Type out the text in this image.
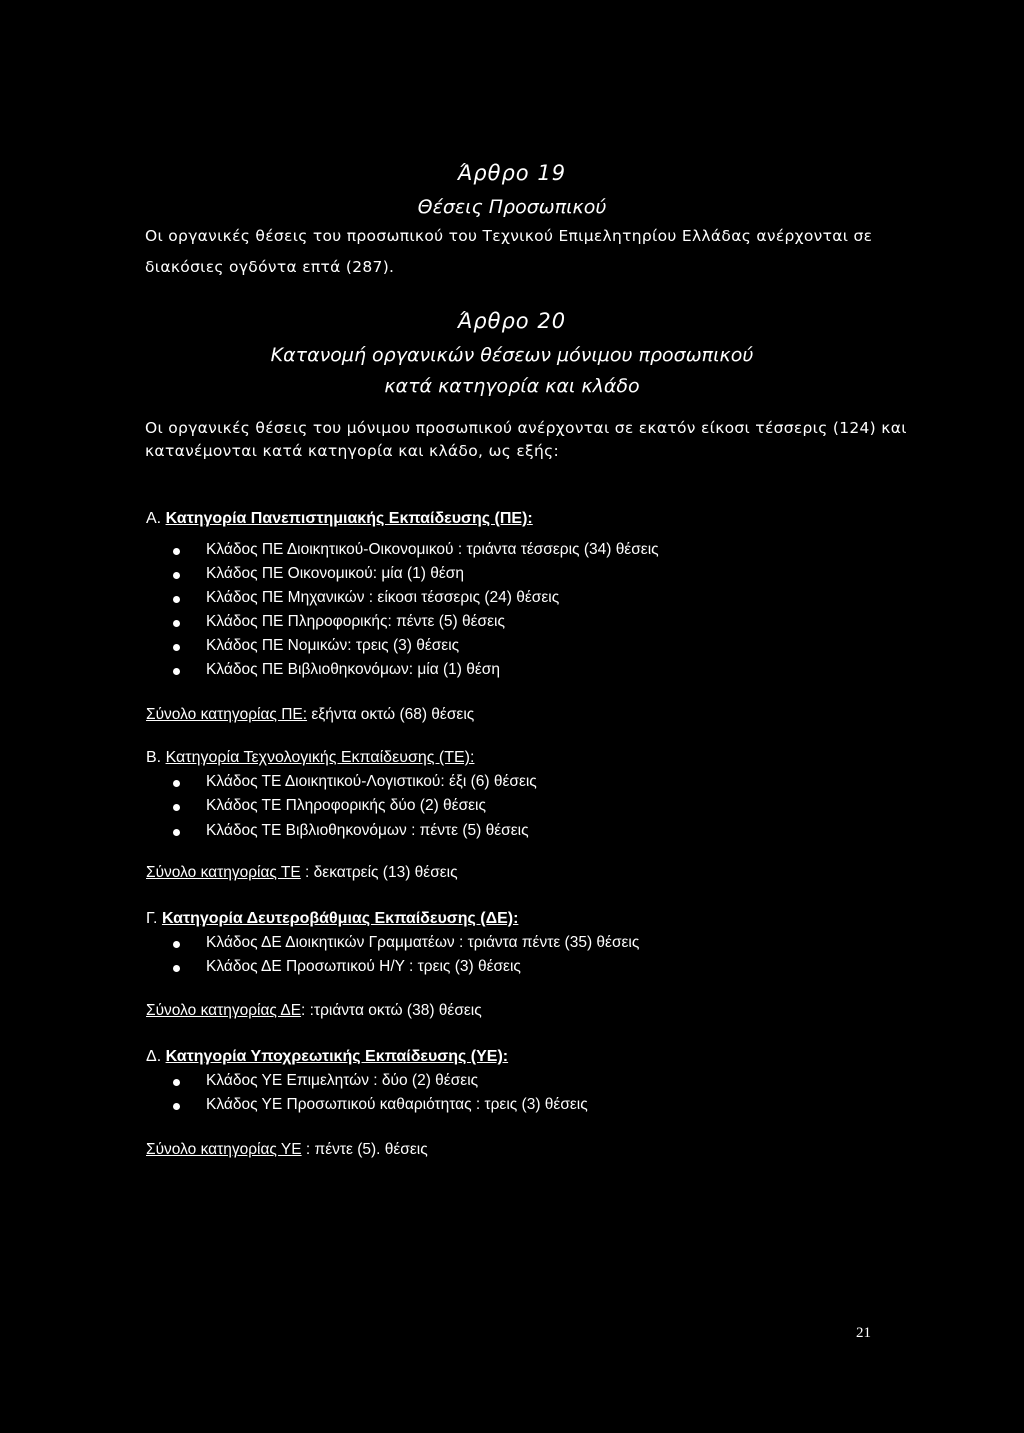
Άρθρο 19
Θέσεις Προσωπικού
Οι οργανικές θέσεις του προσωπικού του Τεχνικού Επιμελητηρίου Ελλάδας ανέρχονται σε
διακόσιες ογδόντα επτά (287).
Άρθρο 20
Κατανομή οργανικών θέσεων μόνιμου προσωπικού
κατά κατηγορία και κλάδο
Οι οργανικές θέσεις του μόνιμου προσωπικού ανέρχονται σε εκατόν είκοσι τέσσερις (124) και
κατανέμονται κατά κατηγορία και κλάδο, ως εξής:
Α. Κατηγορία Πανεπιστημιακής Εκπαίδευσης (ΠΕ):
Κλάδος ΠΕ Διοικητικού-Οικονομικού : τριάντα τέσσερις (34) θέσεις
Κλάδος ΠΕ Οικονομικού: μία (1) θέση
Κλάδος ΠΕ Μηχανικών : είκοσι τέσσερις (24) θέσεις
Κλάδος ΠΕ Πληροφορικής: πέντε (5) θέσεις
Κλάδος ΠΕ Νομικών: τρεις (3) θέσεις
Κλάδος ΠΕ Βιβλιοθηκονόμων: μία (1) θέση
Σύνολο κατηγορίας ΠΕ: εξήντα οκτώ (68) θέσεις
Β. Κατηγορία Τεχνολογικής Εκπαίδευσης (ΤΕ):
Κλάδος ΤΕ Διοικητικού-Λογιστικού: έξι (6) θέσεις
Κλάδος ΤΕ Πληροφορικής δύο (2) θέσεις
Κλάδος ΤΕ Βιβλιοθηκονόμων : πέντε (5) θέσεις
Σύνολο κατηγορίας ΤΕ : δεκατρείς (13) θέσεις
Γ. Κατηγορία Δευτεροβάθμιας Εκπαίδευσης (ΔΕ):
Κλάδος ΔΕ Διοικητικών Γραμματέων : τριάντα πέντε (35) θέσεις
Κλάδος ΔΕ Προσωπικού Η/Υ : τρεις (3) θέσεις
Σύνολο κατηγορίας ΔΕ: :τριάντα οκτώ (38) θέσεις
Δ. Κατηγορία Υποχρεωτικής Εκπαίδευσης (ΥΕ):
Κλάδος ΥΕ Επιμελητών : δύο (2) θέσεις
Κλάδος ΥΕ Προσωπικού καθαριότητας : τρεις (3) θέσεις
Σύνολο κατηγορίας ΥΕ : πέντε (5). θέσεις
21
